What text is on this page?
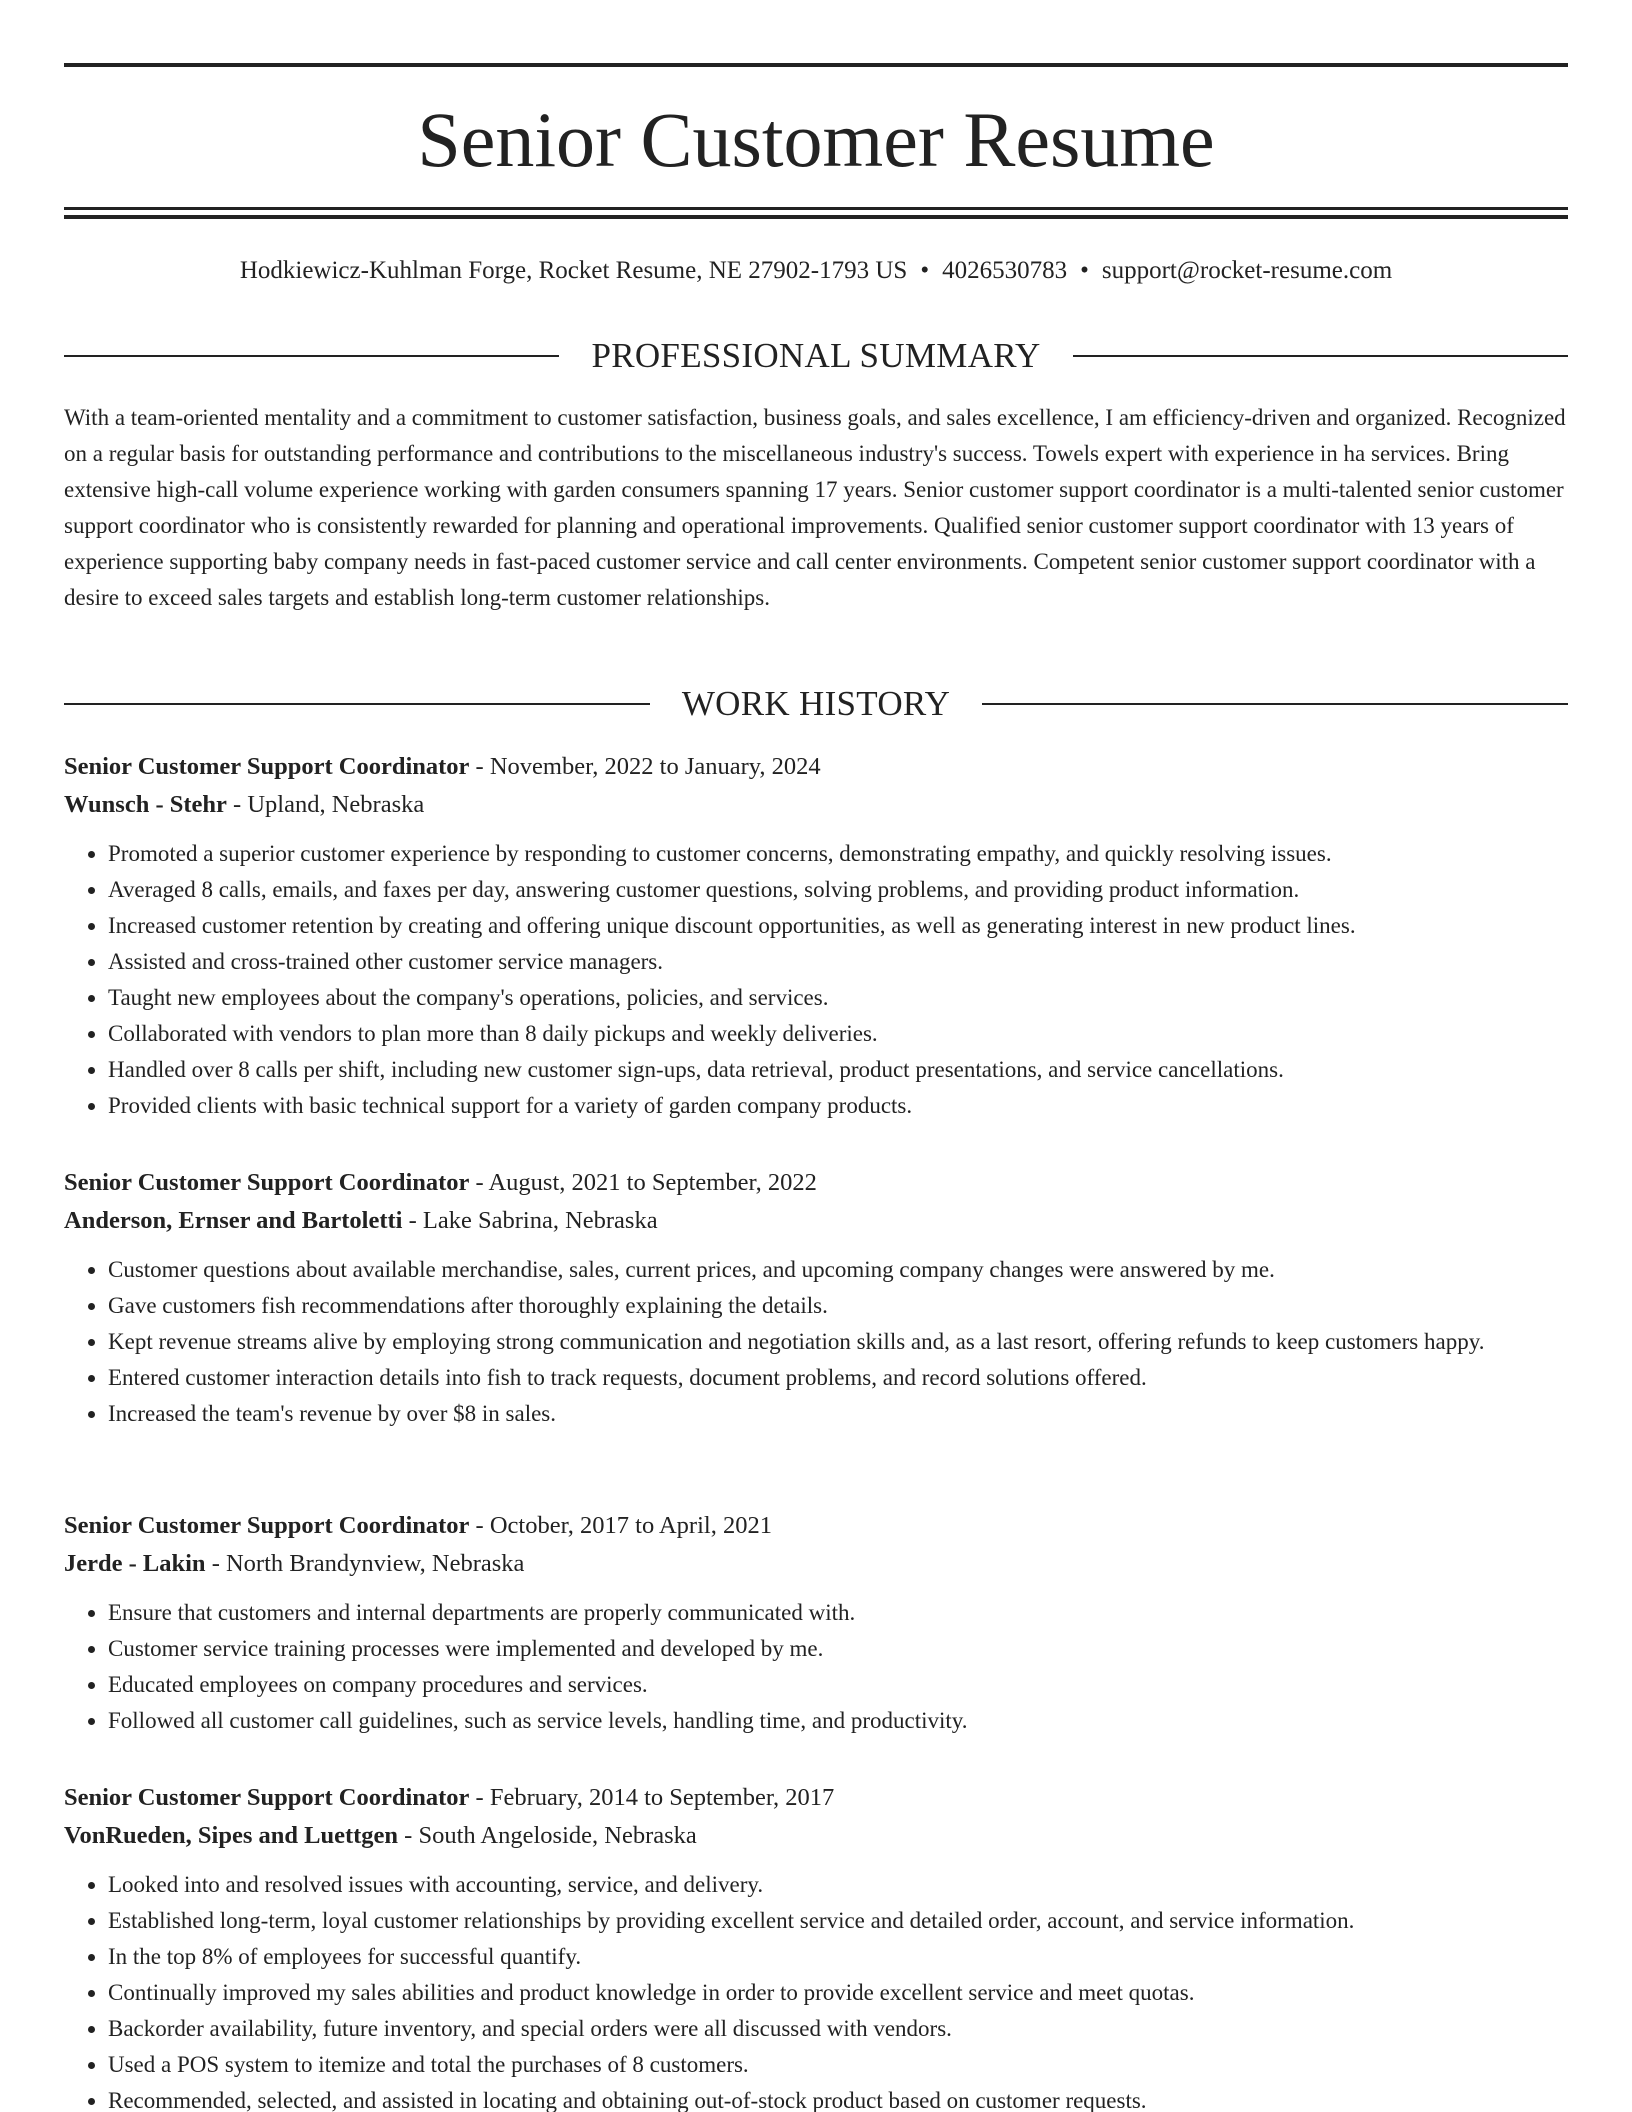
Senior Customer Resume
Hodkiewicz-Kuhlman Forge, Rocket Resume, NE 27902-1793 US • 4026530783 • support@rocket-resume.com
PROFESSIONAL SUMMARY

With a team-oriented mentality and a commitment to customer satisfaction, business goals, and sales excellence, I am efficiency-driven and organized. Recognized on a regular basis for outstanding performance and contributions to the miscellaneous industry's success. Towels expert with experience in ha services. Bring extensive high-call volume experience working with garden consumers spanning 17 years. Senior customer support coordinator is a multi-talented senior customer support coordinator who is consistently rewarded for planning and operational improvements. Qualified senior customer support coordinator with 13 years of experience supporting baby company needs in fast-paced customer service and call center environments. Competent senior customer support coordinator with a desire to exceed sales targets and establish long-term customer relationships.

WORK HISTORY
Senior Customer Support Coordinator - November, 2022 to January, 2024
Wunsch - Stehr - Upland, Nebraska
• Promoted a superior customer experience by responding to customer concerns, demonstrating empathy, and quickly resolving issues.
• Averaged 8 calls, emails, and faxes per day, answering customer questions, solving problems, and providing product information.
• Increased customer retention by creating and offering unique discount opportunities, as well as generating interest in new product lines.
• Assisted and cross-trained other customer service managers.
• Taught new employees about the company's operations, policies, and services.
• Collaborated with vendors to plan more than 8 daily pickups and weekly deliveries.
• Handled over 8 calls per shift, including new customer sign-ups, data retrieval, product presentations, and service cancellations.
• Provided clients with basic technical support for a variety of garden company products.
Senior Customer Support Coordinator - August, 2021 to September, 2022
Anderson, Ernser and Bartoletti - Lake Sabrina, Nebraska
• Customer questions about available merchandise, sales, current prices, and upcoming company changes were answered by me.
• Gave customers fish recommendations after thoroughly explaining the details.
• Kept revenue streams alive by employing strong communication and negotiation skills and, as a last resort, offering refunds to keep customers happy.
• Entered customer interaction details into fish to track requests, document problems, and record solutions offered.
• Increased the team's revenue by over $8 in sales.
Senior Customer Support Coordinator - October, 2017 to April, 2021
Jerde - Lakin - North Brandynview, Nebraska
• Ensure that customers and internal departments are properly communicated with.
• Customer service training processes were implemented and developed by me.
• Educated employees on company procedures and services.
• Followed all customer call guidelines, such as service levels, handling time, and productivity.
Senior Customer Support Coordinator - February, 2014 to September, 2017
VonRueden, Sipes and Luettgen - South Angeloside, Nebraska
• Looked into and resolved issues with accounting, service, and delivery.
• Established long-term, loyal customer relationships by providing excellent service and detailed order, account, and service information.
• In the top 8% of employees for successful quantify.
• Continually improved my sales abilities and product knowledge in order to provide excellent service and meet quotas.
• Backorder availability, future inventory, and special orders were all discussed with vendors.
• Used a POS system to itemize and total the purchases of 8 customers.
• Recommended, selected, and assisted in locating and obtaining out-of-stock product based on customer requests.
